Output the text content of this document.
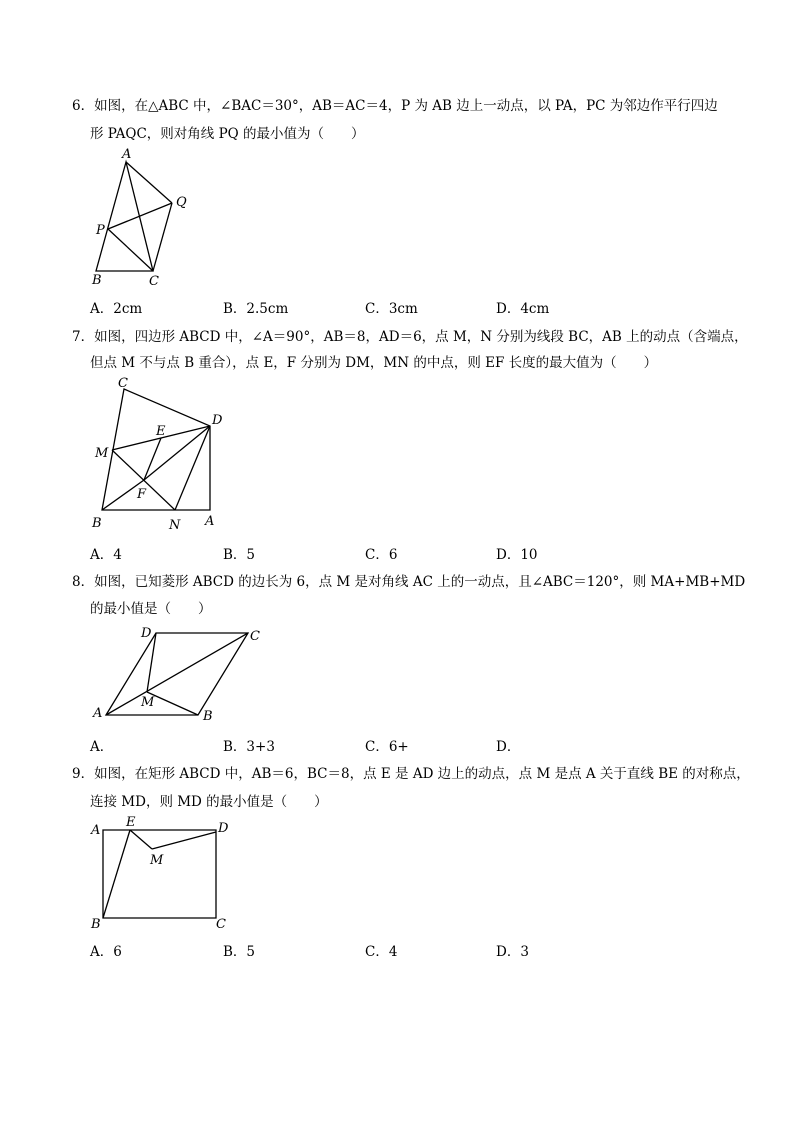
6．如图，在△ABC 中，∠BAC＝30°，AB＝AC＝4，P 为 AB 边上一动点，以 PA，PC 为邻边作平行四边
形 PAQC，则对角线 PQ 的最小值为（　　）
A
Q
P
B	C
A．2cm	B．2.5cm	C．3cm	D．4cm
7．如图，四边形 ABCD 中，∠A＝90°，AB＝8，AD＝6，点 M，N 分别为线段 BC，AB 上的动点（含端点，
但点 M 不与点 B 重合），点 E，F 分别为 DM，MN 的中点，则 EF 长度的最大值为（　　）
C
D
E
M
F
B	N A
A．4	B．5	C．6	D．10
8．如图，已知菱形 ABCD 的边长为 6，点 M 是对角线 AC 上的一动点，且∠ABC＝120°，则 MA+MB+MD
的最小值是（　　）
D	C
M
A	B
A．	B．3+3	C．6+	D．
9．如图，在矩形 ABCD 中，AB＝6，BC＝8，点 E 是 AD 边上的动点，点 M 是点 A 关于直线 BE 的对称点，
连接 MD，则 MD 的最小值是（　　）
A
E	D
M
B	C
A．6	B．5	C．4	D．3
